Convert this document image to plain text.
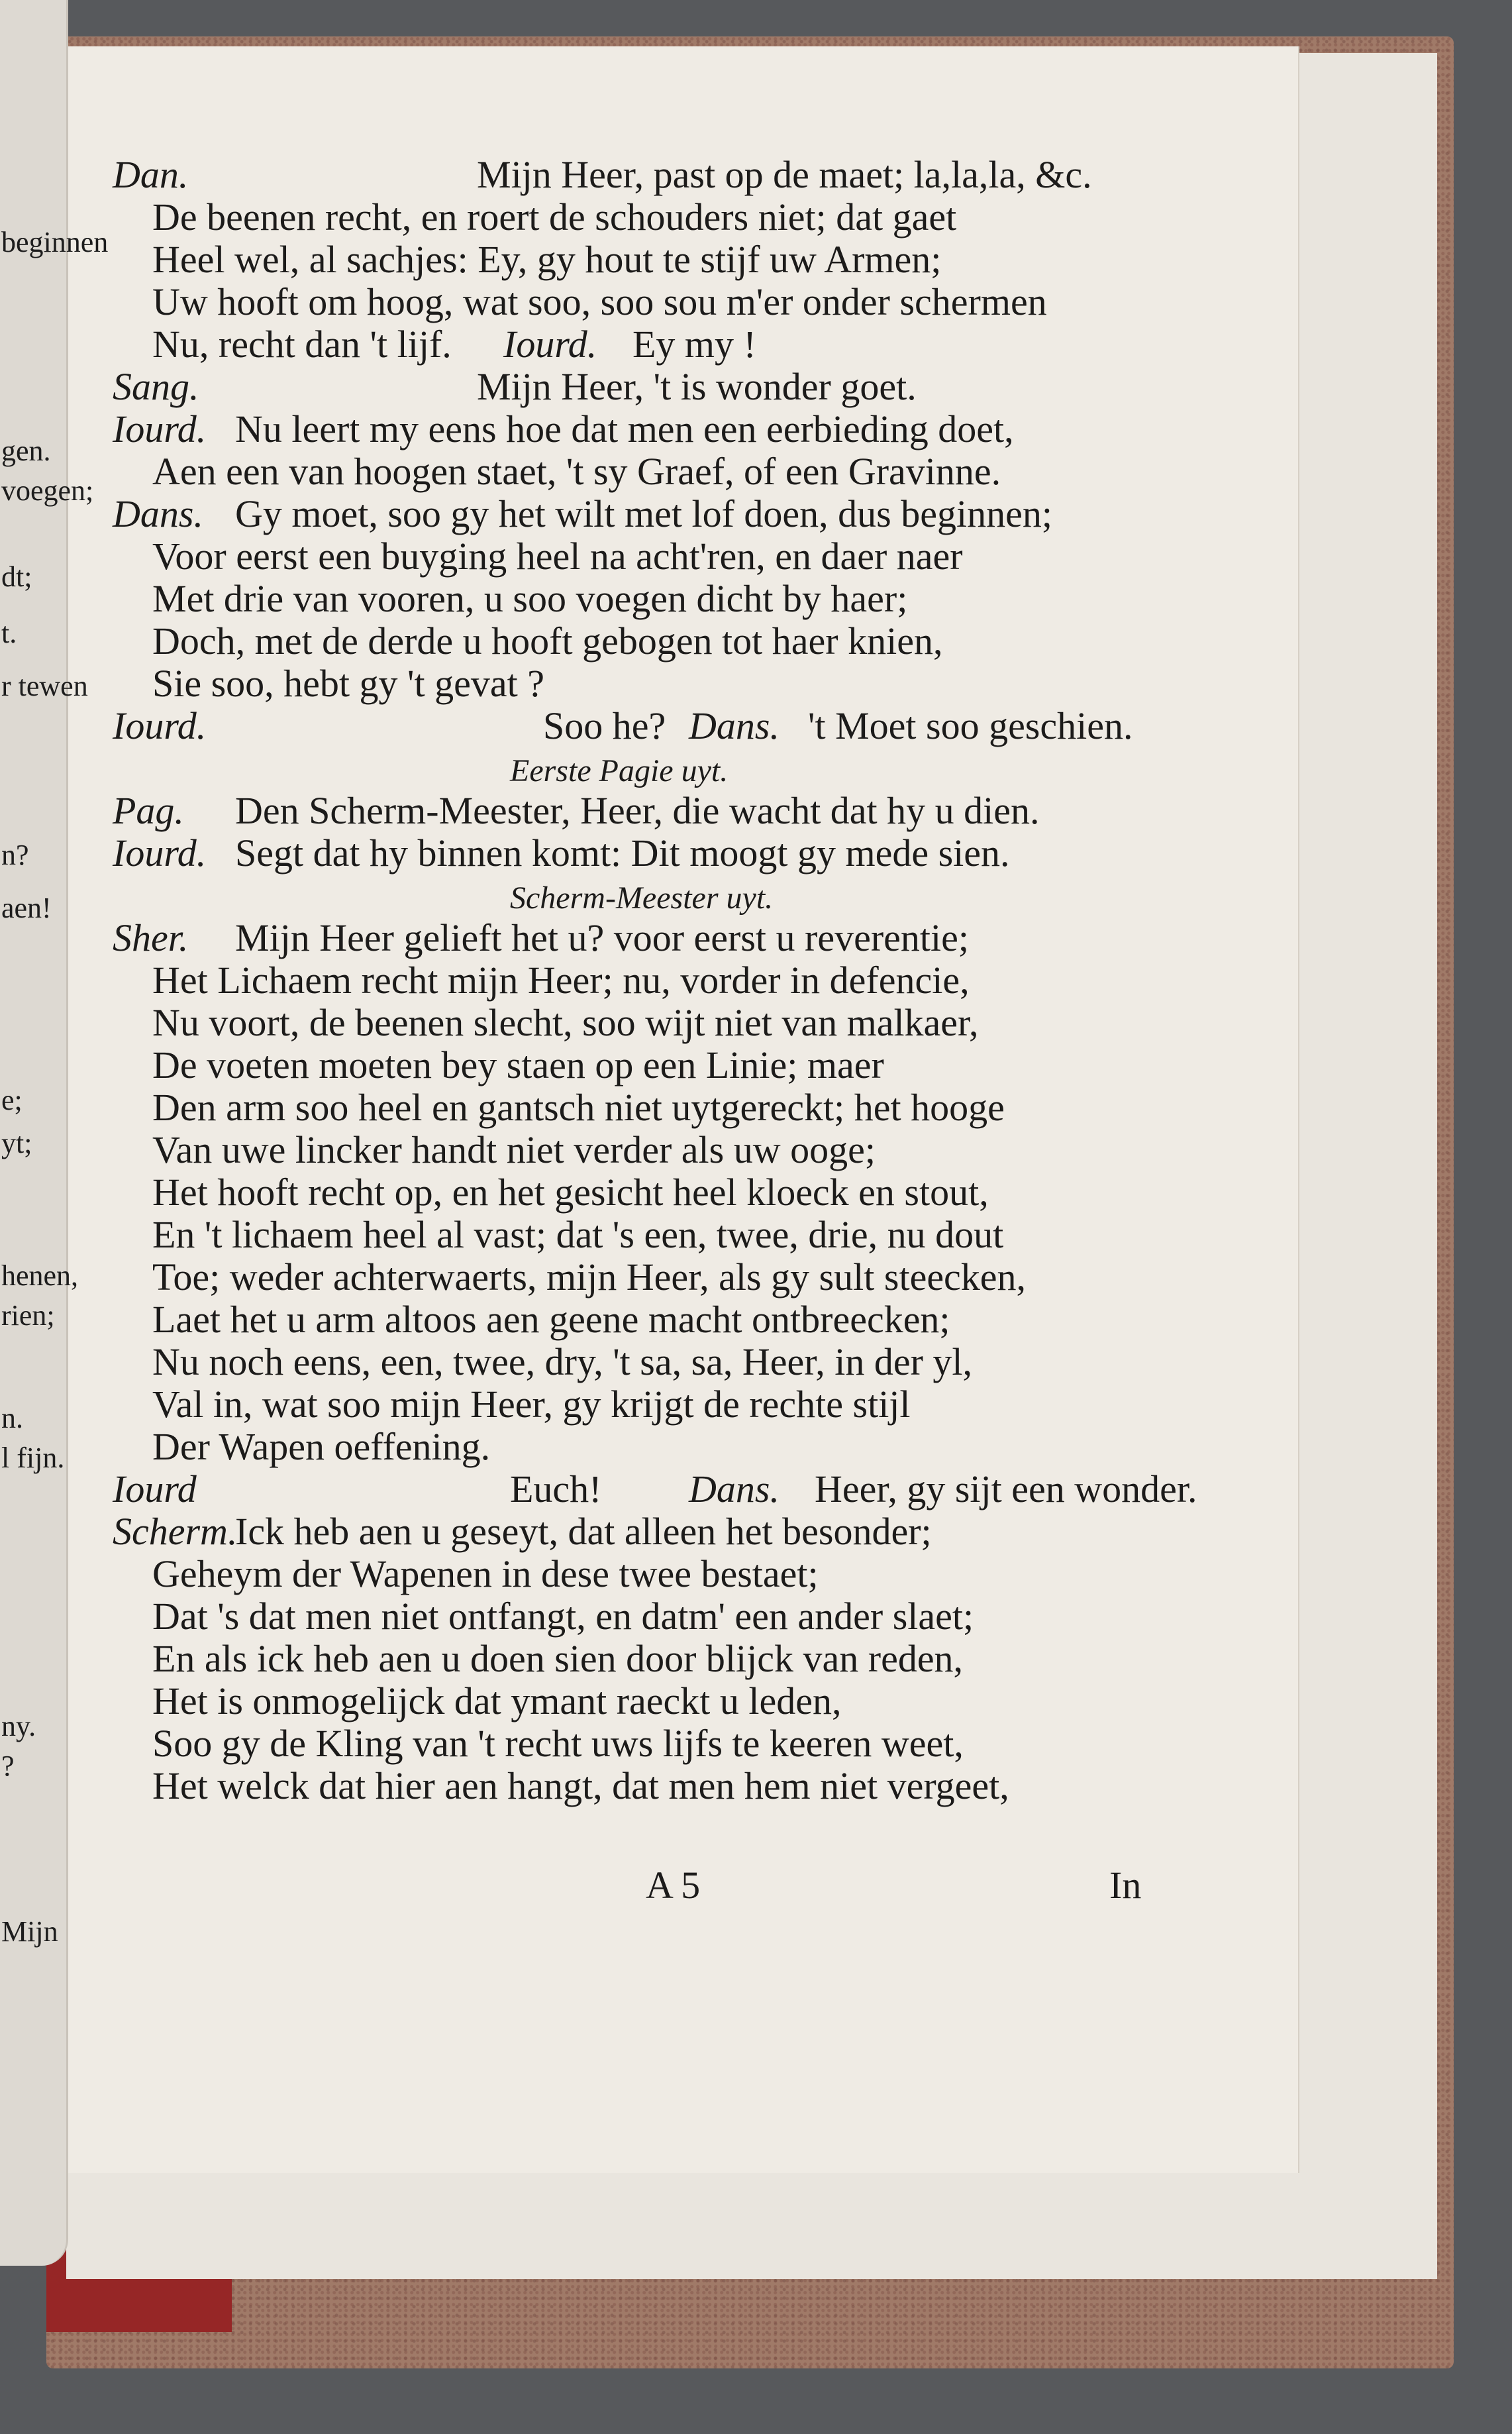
beginnen
gen.
voegen;
dt;
t.
r tewen
n?
aen!
e;
yt;
henen,
rien;
n.
l fijn.
ny.
?
Mijn
Dan.	Mijn Heer, past op de maet; la,la,la, &c.
De beenen recht, en roert de schouders niet; dat gaet
Heel wel, al sachjes: Ey, gy hout te stijf uw Armen;
Uw hooft om hoog, wat soo, soo sou m'er onder schermen
Nu, recht dan 't lijf. Iourd. Ey my !
Sang.	Mijn Heer, 't is wonder goet.
Iourd. Nu leert my eens hoe dat men een eerbieding doet,
Aen een van hoogen staet, 't sy Graef, of een Gravinne.
Dans. Gy moet, soo gy het wilt met lof doen, dus beginnen;
Voor eerst een buyging heel na acht'ren, en daer naer
Met drie van vooren, u soo voegen dicht by haer;
Doch, met de derde u hooft gebogen tot haer knien,
Sie soo, hebt gy 't gevat ?
Iourd.	Soo he? Dans. 't Moet soo geschien.
Eerste Pagie uyt.
Pag. Den Scherm-Meester, Heer, die wacht dat hy u dien.
Iourd. Segt dat hy binnen komt: Dit moogt gy mede sien.
Scherm-Meester uyt.
Sher. Mijn Heer gelieft het u? voor eerst u reverentie;
Het Lichaem recht mijn Heer; nu, vorder in defencie,
Nu voort, de beenen slecht, soo wijt niet van malkaer,
De voeten moeten bey staen op een Linie; maer
Den arm soo heel en gantsch niet uytgereckt; het hooge
Van uwe lincker handt niet verder als uw ooge;
Het hooft recht op, en het gesicht heel kloeck en stout,
En 't lichaem heel al vast; dat 's een, twee, drie, nu dout
Toe; weder achterwaerts, mijn Heer, als gy sult steecken,
Laet het u arm altoos aen geene macht ontbreecken;
Nu noch eens, een, twee, dry, 't sa, sa, Heer, in der yl,
Val in, wat soo mijn Heer, gy krijgt de rechte stijl
Der Wapen oeffening.
Iourd	Euch! Dans. Heer, gy sijt een wonder.
Scherm.
Ick heb aen u geseyt, dat alleen het besonder;
Geheym der Wapenen in dese twee bestaet;
Dat 's dat men niet ontfangt, en datm' een ander slaet;
En als ick heb aen u doen sien door blijck van reden,
Het is onmogelijck dat ymant raeckt u leden,
Soo gy de Kling van 't recht uws lijfs te keeren weet,
Het welck dat hier aen hangt, dat men hem niet vergeet,
A 5	In
